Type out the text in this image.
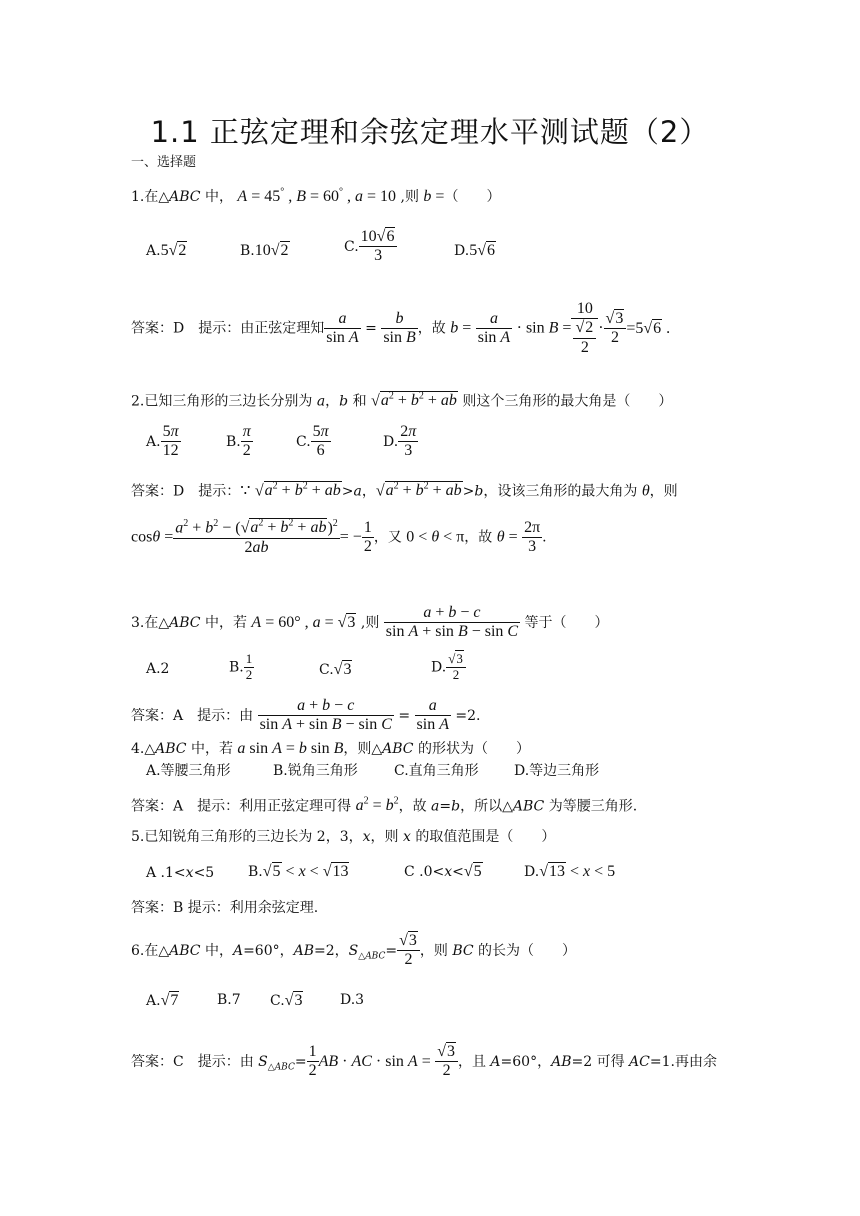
1.1 正弦定理和余弦定理水平测试题（2）
一、选择题
1.在△ABC 中， A = 45° , B = 60° , a = 10 ,则 b =（　　）
A.5√2	B.10√2	C. $\frac{10√6}{3}$	D.5√6
答案：D　提示：由正弦定理知 $\frac{a}{\text{sin A}} = \frac{b}{\text{sin B}}$ ，故 $b = \frac{a}{\text{sin A}} \cdot \sin B = \frac{10}{\frac{√2}{2}} \cdot \frac{√3}{2} =5√6$ .
2.已知三角形的三边长分别为 a，b 和 $√a^2 + b^2$ + ab 则这个三角形的最大角是（　　）
A. $\frac{5\pi}{12}$	B. $\frac{\pi}{2}$	C. $\frac{5\pi}{6}$	D. $\frac{2\pi}{3}$
答案：D　提示：∵ $√a^2 + b^2 + ab>a$，$√a^2 + b^2 + ab>b$，设该三角形的最大角为 θ，则
$\cos\theta = \frac{a^2 + b^2 - (√a^2 + b^2 + ab)^2}{2ab}$ = − $\frac{1}{2}$ ，又 0 < θ < π，故 $\theta = \frac{2\pi}{3}$ .
3.在△ABC 中，若 A = 60° , a = √3 ,则 $\frac{a + b - c}{\text{sin A + sin B − sin C}}$ 等于（　　）
A.2	B. $\frac{1}{2}$	C.√3	D. $\frac{√3}{2}$
答案：A　提示：由 $\frac{a + b - c}{\text{sin A + sin B − sin C}} = \frac{a}{\text{sin A}} =2$.
4.△ABC 中，若 a sin A = b sin B，则△ABC 的形状为（　　）
A.等腰三角形	B.锐角三角形	C.直角三角形	D.等边三角形
答案：A　提示：利用正弦定理可得 $a^2 = b^2$，故 a=b，所以△ABC 为等腰三角形.
5.已知锐角三角形的三边长为 2，3，x，则 x 的取值范围是（　　）
A .1<x<5 B.√5 < x < √13	C .0<x<√5	D.√13 < x < 5
答案：B 提示：利用余弦定理.
6.在△ABC 中，A=60°，AB=2，$S_{\triangle ABC}= \frac{√3}{2}$ ，则 BC 的长为（　　）
A.√7	B.7 C.√3	D.3
答案：C　提示：由 $S_{\triangle ABC}= \frac{1}{2}$ AB · AC · $\sin A = \frac{√3}{2}$ ，且 A=60°，AB=2 可得 AC=1.再由余
